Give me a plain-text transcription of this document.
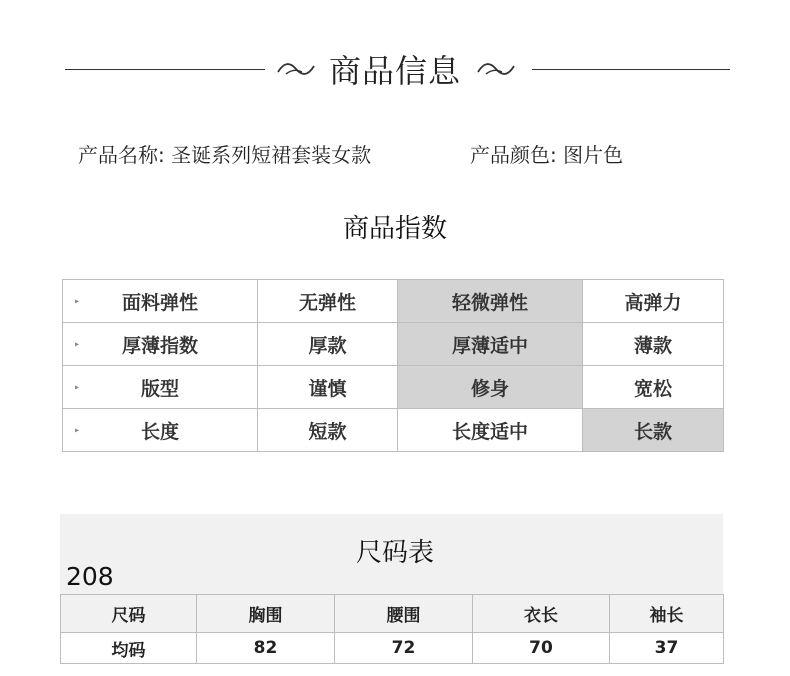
商品信息
产品名称: 圣诞系列短裙套装女款	产品颜色: 图片色
商品指数
▸ 面料弹性	无弹性	轻微弹性	高弹力

▸ 厚薄指数	厚款	厚薄适中	薄款

▸ 版型	谨慎	修身	宽松

▸ 长度	短款	长度适中	长款
尺码表
208
尺码	胸围	腰围	衣长	袖长
均码	82	72	70	37
